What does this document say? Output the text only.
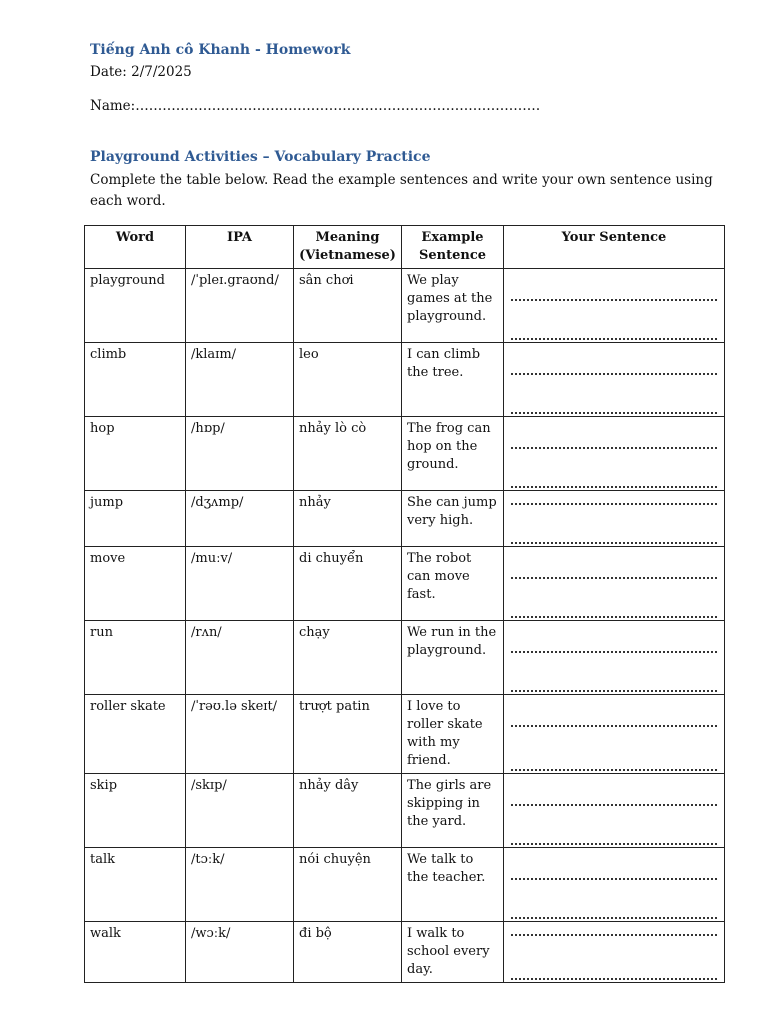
Tiếng Anh cô Khanh - Homework
Date: 2/7/2025
Name:………………………………………………………………………………
Playground Activities – Vocabulary Practice
Complete the table below. Read the example sentences and write your own sentence using each word.
Word	IPA	Meaning (Vietnamese)	Example Sentence	Your Sentence
playground	/ˈpleɪ.graʊnd/	sân chơi	We play games at the playground.	

climb	/klaɪm/	leo	I can climb the tree.	

hop	/hɒp/	nhảy lò cò	The frog can hop on the ground.	

jump	/dʒʌmp/	nhảy	She can jump very high.	

move	/muːv/	di chuyển	The robot can move fast.	

run	/rʌn/	chạy	We run in the playground.	

roller skate	/ˈrəʊ.lə skeɪt/	trượt patin	I love to roller skate with my friend.	

skip	/skɪp/	nhảy dây	The girls are skipping in the yard.	

talk	/tɔːk/	nói chuyện	We talk to the teacher.	

walk	/wɔːk/	đi bộ	I walk to school every day.	
